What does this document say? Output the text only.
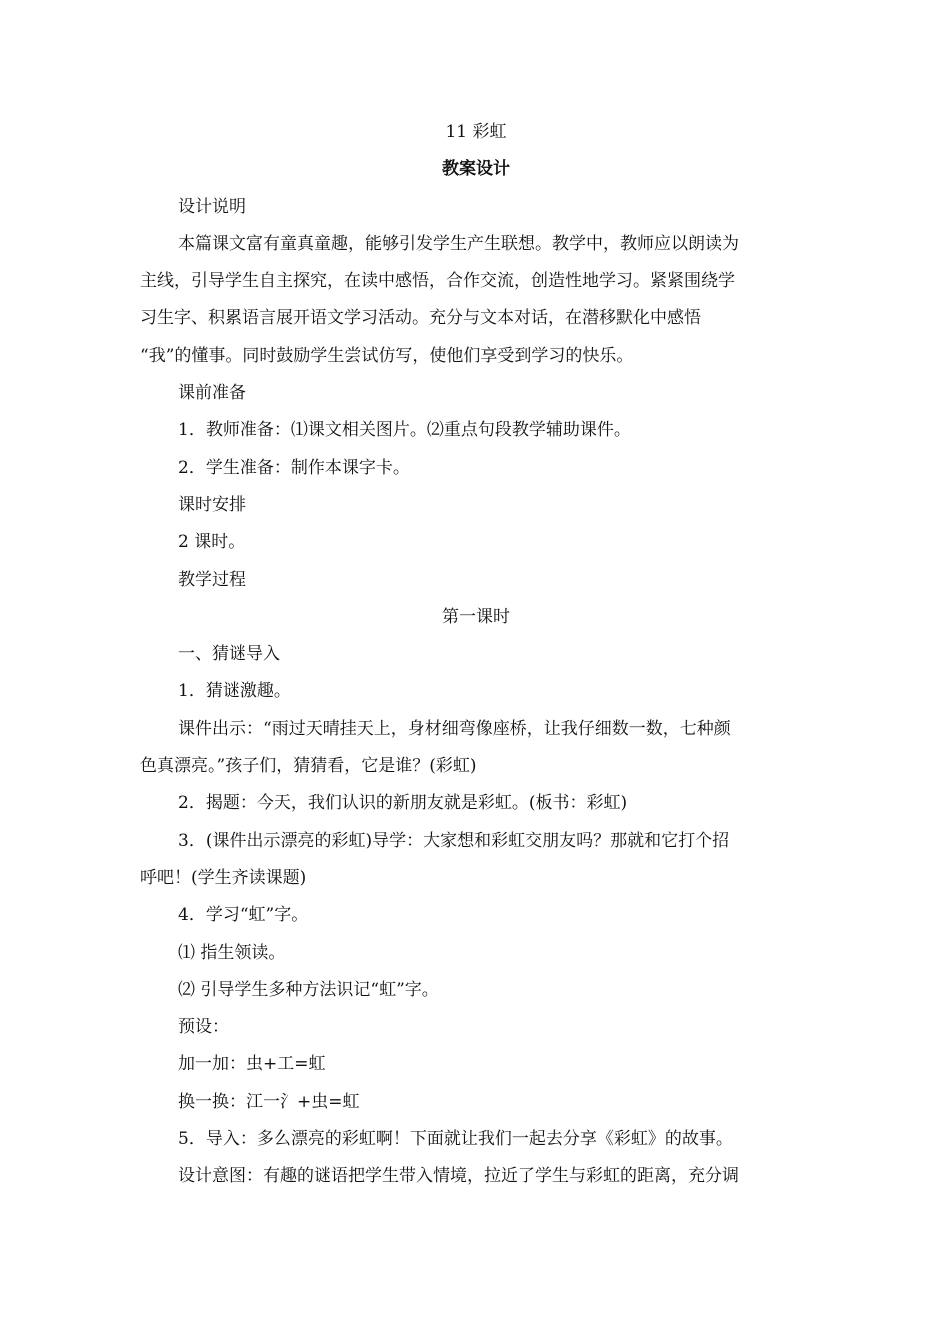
11 彩虹
教案设计
设计说明
本篇课文富有童真童趣，能够引发学生产生联想。教学中，教师应以朗读为
主线，引导学生自主探究，在读中感悟，合作交流，创造性地学习。紧紧围绕学
习生字、积累语言展开语文学习活动。充分与文本对话，在潜移默化中感悟
“我”的懂事。同时鼓励学生尝试仿写，使他们享受到学习的快乐。
课前准备
1．教师准备：⑴课文相关图片。⑵重点句段教学辅助课件。
2．学生准备：制作本课字卡。
课时安排
2 课时。
教学过程
第一课时
一、猜谜导入
1．猜谜激趣。
课件出示：“雨过天晴挂天上，身材细弯像座桥，让我仔细数一数，七种颜
色真漂亮。”孩子们，猜猜看，它是谁？(彩虹)
2．揭题：今天，我们认识的新朋友就是彩虹。(板书：彩虹)
3．(课件出示漂亮的彩虹)导学：大家想和彩虹交朋友吗？那就和它打个招
呼吧！(学生齐读课题)
4．学习“虹”字。
⑴ 指生领读。
⑵ 引导学生多种方法识记“虹”字。
预设：
加一加：虫+工=虹
换一换：江一氵+虫=虹
5．导入：多么漂亮的彩虹啊！下面就让我们一起去分享《彩虹》的故事。
设计意图：有趣的谜语把学生带入情境，拉近了学生与彩虹的距离，充分调
